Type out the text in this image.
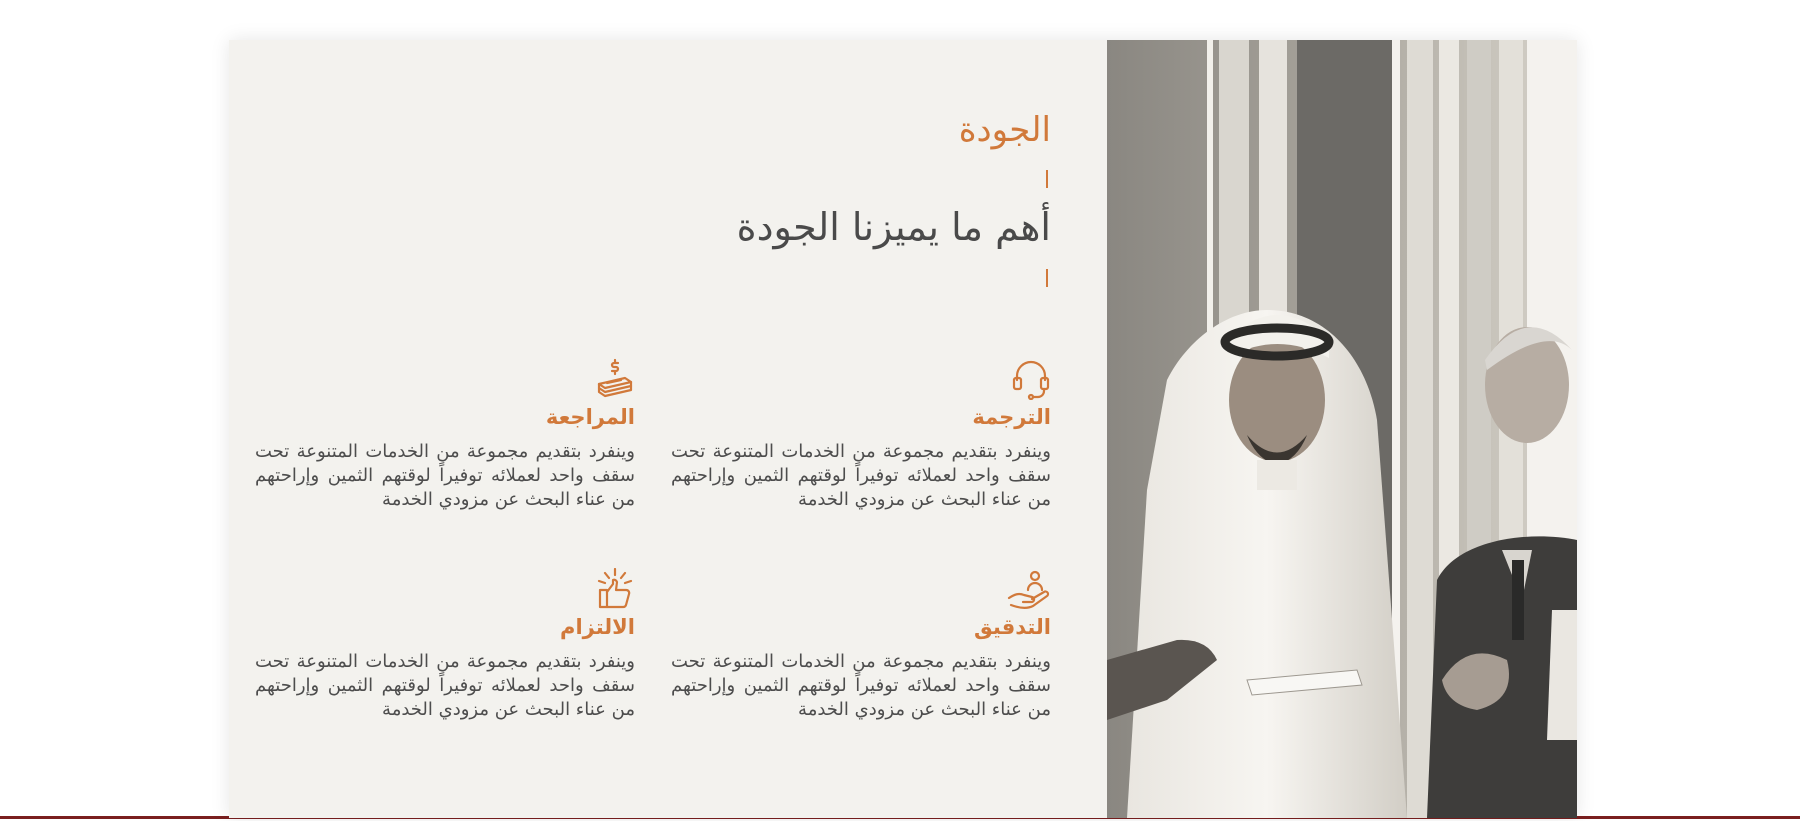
الجودة
أهم ما يميزنا الجودة
الترجمة

وينفرد بتقديم مجموعة من الخدمات المتنوعة تحت سقف واحد لعملائه توفيراً لوقتهم الثمين وإراحتهم من عناء البحث عن مزودي الخدمة

المراجعة

وينفرد بتقديم مجموعة من الخدمات المتنوعة تحت سقف واحد لعملائه توفيراً لوقتهم الثمين وإراحتهم من عناء البحث عن مزودي الخدمة

التدقيق

وينفرد بتقديم مجموعة من الخدمات المتنوعة تحت سقف واحد لعملائه توفيراً لوقتهم الثمين وإراحتهم من عناء البحث عن مزودي الخدمة

الالتزام

وينفرد بتقديم مجموعة من الخدمات المتنوعة تحت سقف واحد لعملائه توفيراً لوقتهم الثمين وإراحتهم من عناء البحث عن مزودي الخدمة
